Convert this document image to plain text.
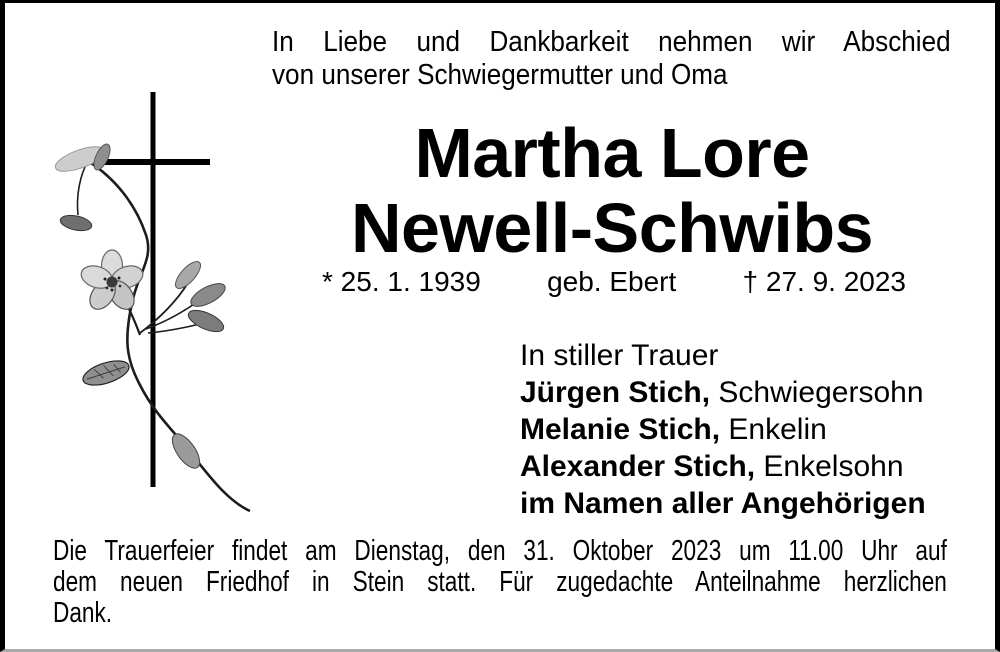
In Liebe und Dankbarkeit nehmen wir Abschied
von unserer Schwiegermutter und Oma
Martha Lore
Newell-Schwibs
* 25. 1. 1939 geb. Ebert † 27. 9. 2023
In stiller Trauer
Jürgen Stich, Schwiegersohn
Melanie Stich, Enkelin
Alexander Stich, Enkelsohn
im Namen aller Angehörigen
Die Trauerfeier findet am Dienstag, den 31. Oktober 2023 um 11.00 Uhr auf
dem neuen Friedhof in Stein statt. Für zugedachte Anteilnahme herzlichen
Dank.
